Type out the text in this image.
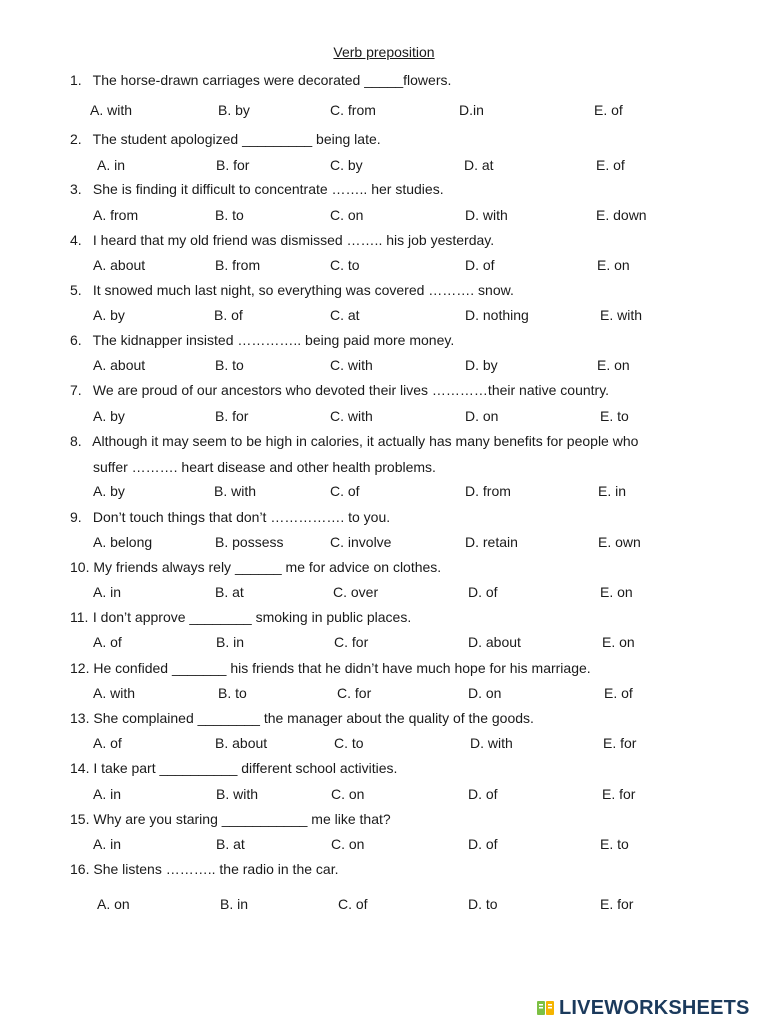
Verb preposition
1. The horse-drawn carriages were decorated _____flowers.
A. with	B. by	C. from	D.in	E. of
2. The student apologized _________ being late.
A. in	B. for	C. by	D. at	E. of
3. She is finding it difficult to concentrate …….. her studies.
A. from	B. to	C. on	D. with	E. down
4. I heard that my old friend was dismissed …….. his job yesterday.
A. about	B. from	C. to	D. of	E. on
5. It snowed much last night, so everything was covered ………. snow.
A. by	B. of	C. at	D. nothing	E. with
6. The kidnapper insisted ………….. being paid more money.
A. about	B. to	C. with	D. by	E. on
7. We are proud of our ancestors who devoted their lives …………their native country.
A. by	B. for	C. with	D. on	E. to
8. Although it may seem to be high in calories, it actually has many benefits for people who
suffer ………. heart disease and other health problems.
A. by	B. with	C. of	D. from	E. in
9. Don’t touch things that don’t ……………. to you.
A. belong	B. possess	C. involve	D. retain	E. own
10. My friends always rely ______ me for advice on clothes.
A. in	B. at	C. over	D. of	E. on
11. I don’t approve ________ smoking in public places.
A. of	B. in	C. for	D. about	E. on
12. He confided _______ his friends that he didn’t have much hope for his marriage.
A. with	B. to	C. for	D. on	E. of
13. She complained ________ the manager about the quality of the goods.
A. of	B. about	C. to	D. with	E. for
14. I take part __________ different school activities.
A. in	B. with	C. on	D. of	E. for
15. Why are you staring ___________ me like that?
A. in	B. at	C. on	D. of	E. to
16. She listens ……….. the radio in the car.
A. on	B. in	C. of	D. to	E. for
LIVEWORKSHEETS
